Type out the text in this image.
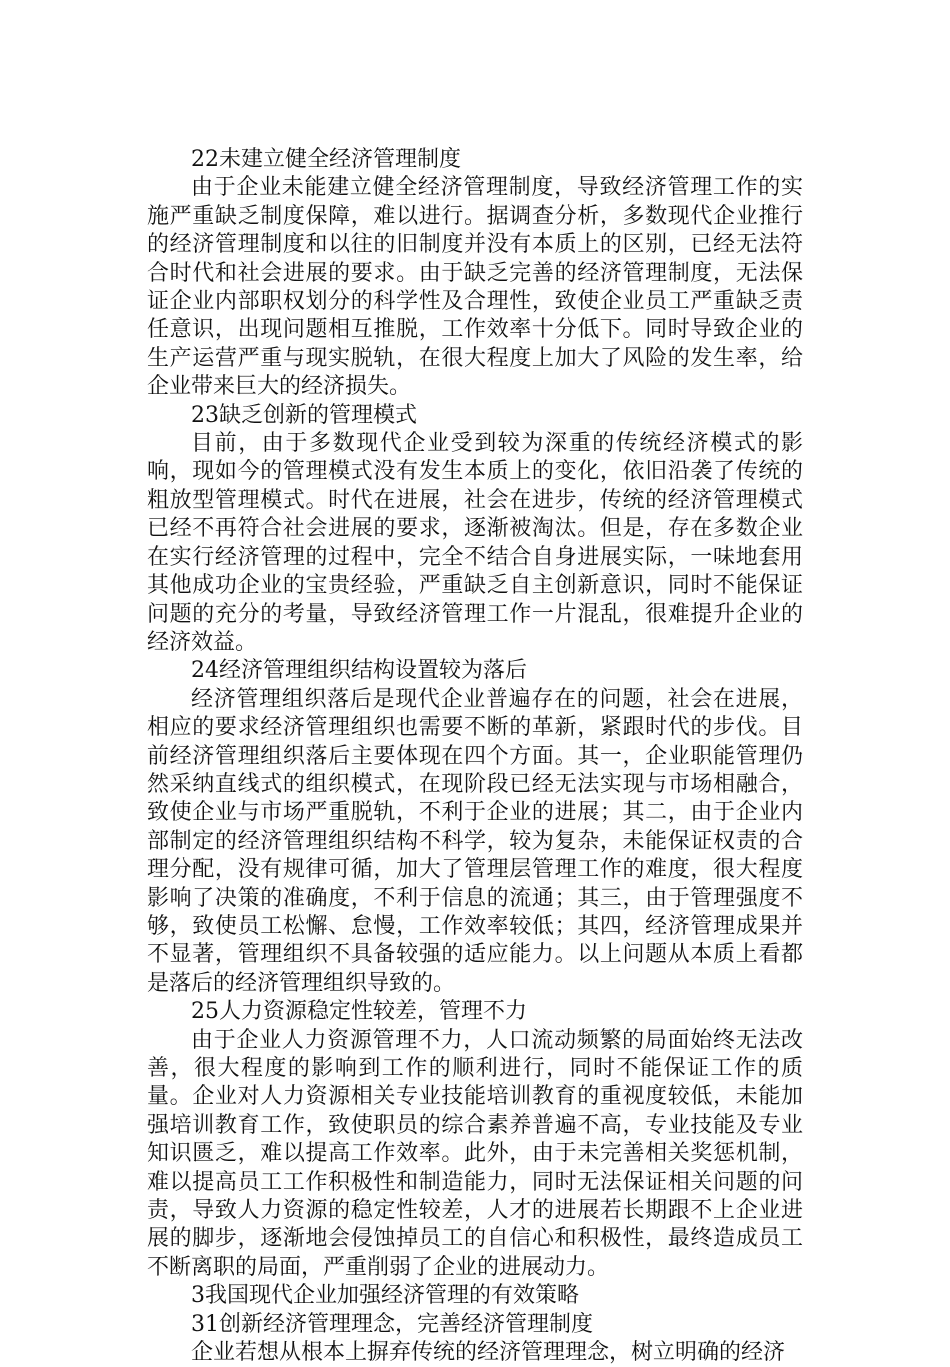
22未建立健全经济管理制度

由于企业未能建立健全经济管理制度，导致经济管理工作的实施严重缺乏制度保障，难以进行。据调查分析，多数现代企业推行的经济管理制度和以往的旧制度并没有本质上的区别，已经无法符合时代和社会进展的要求。由于缺乏完善的经济管理制度，无法保证企业内部职权划分的科学性及合理性，致使企业员工严重缺乏责任意识，出现问题相互推脱，工作效率十分低下。同时导致企业的生产运营严重与现实脱轨，在很大程度上加大了风险的发生率，给企业带来巨大的经济损失。

23缺乏创新的管理模式

目前，由于多数现代企业受到较为深重的传统经济模式的影响，现如今的管理模式没有发生本质上的变化，依旧沿袭了传统的粗放型管理模式。时代在进展，社会在进步，传统的经济管理模式已经不再符合社会进展的要求，逐渐被淘汰。但是，存在多数企业在实行经济管理的过程中，完全不结合自身进展实际，一味地套用其他成功企业的宝贵经验，严重缺乏自主创新意识，同时不能保证问题的充分的考量，导致经济管理工作一片混乱，很难提升企业的经济效益。

24经济管理组织结构设置较为落后

经济管理组织落后是现代企业普遍存在的问题，社会在进展，相应的要求经济管理组织也需要不断的革新，紧跟时代的步伐。目前经济管理组织落后主要体现在四个方面。其一，企业职能管理仍然采纳直线式的组织模式，在现阶段已经无法实现与市场相融合，致使企业与市场严重脱轨，不利于企业的进展；其二，由于企业内部制定的经济管理组织结构不科学，较为复杂，未能保证权责的合理分配，没有规律可循，加大了管理层管理工作的难度，很大程度影响了决策的准确度，不利于信息的流通；其三，由于管理强度不够，致使员工松懈、怠慢，工作效率较低；其四，经济管理成果并不显著，管理组织不具备较强的适应能力。以上问题从本质上看都是落后的经济管理组织导致的。

25人力资源稳定性较差，管理不力

由于企业人力资源管理不力，人口流动频繁的局面始终无法改善，很大程度的影响到工作的顺利进行，同时不能保证工作的质量。企业对人力资源相关专业技能培训教育的重视度较低，未能加强培训教育工作，致使职员的综合素养普遍不高，专业技能及专业知识匮乏，难以提高工作效率。此外，由于未完善相关奖惩机制，难以提高员工工作积极性和制造能力，同时无法保证相关问题的问责，导致人力资源的稳定性较差，人才的进展若长期跟不上企业进展的脚步，逐渐地会侵蚀掉员工的自信心和积极性，最终造成员工不断离职的局面，严重削弱了企业的进展动力。

3我国现代企业加强经济管理的有效策略

31创新经济管理理念，完善经济管理制度

企业若想从根本上摒弃传统的经济管理理念，树立明确的经济
